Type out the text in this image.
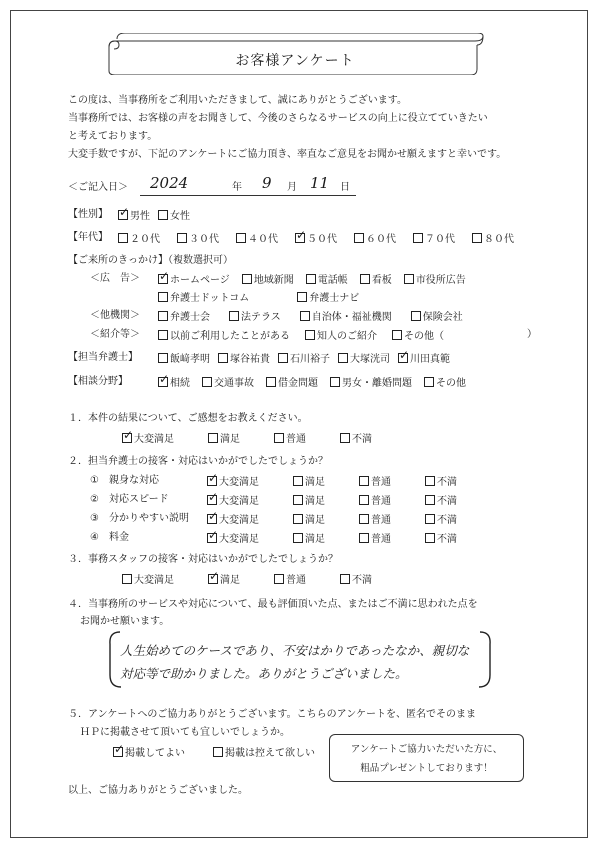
お客様アンケート
この度は、当事務所をご利用いただきまして、誠にありがとうございます。
当事務所では、お客様の声をお聞きして、今後のさらなるサービスの向上に役立てていきたい
と考えております。
大変手数ですが、下記のアンケートにご協力頂き、率直なご意見をお聞かせ願えますと幸いです。
＜ご記入日＞ 2024	年 9 月 11 日
【性別】 ✓	男性 女性
【年代】	２０代	３０代	４０代 ✓	５０代	６０代	７０代	８０代
【ご来所のきっかけ】（複数選択可）
＜広　告＞ ✓	ホームページ 地域新聞 電話帳 看板 市役所広告
弁護士ドットコム	弁護士ナビ
＜他機関＞	弁護士会	法テラス	自治体・福祉機関	保険会社
＜紹介等＞	以前ご利用したことがある	知人のご紹介	その他（	）
【担当弁護士】	飯﨑孝明 塚谷祐貴 石川裕子 大塚洸司 ✓ 川田真範
【相談分野】 ✓	相続 交通事故 借金問題 男女・離婚問題 その他
１．本件の結果について、ご感想をお教えください。
✓大変満足	満足	普通	不満
２．担当弁護士の接客・対応はいかがでしたでしょうか？
①　親身な対応 ✓	大変満足	満足	普通	不満
②　対応スピード ✓	大変満足	満足	普通	不満
③　分かりやすい説明 ✓	大変満足	満足	普通	不満
④　料金 ✓	大変満足	満足	普通	不満
３．事務スタッフの接客・対応はいかがでしたでしょうか？
大変満足 ✓	満足	普通	不満
４．当事務所のサービスや対応について、最も評価頂いた点、またはご不満に思われた点を
お聞かせ願います。
人生始めてのケースであり、不安はかりであったなか、親切な
対応等で助かりました。ありがとうございました。
５．アンケートへのご協力ありがとうございます。こちらのアンケートを、匿名でそのまま
ＨＰに掲載させて頂いても宜しいでしょうか。
✓掲載してよい	掲載は控えて欲しい	アンケートご協力いただいた方に、
粗品プレゼントしております！
以上、ご協力ありがとうございました。
